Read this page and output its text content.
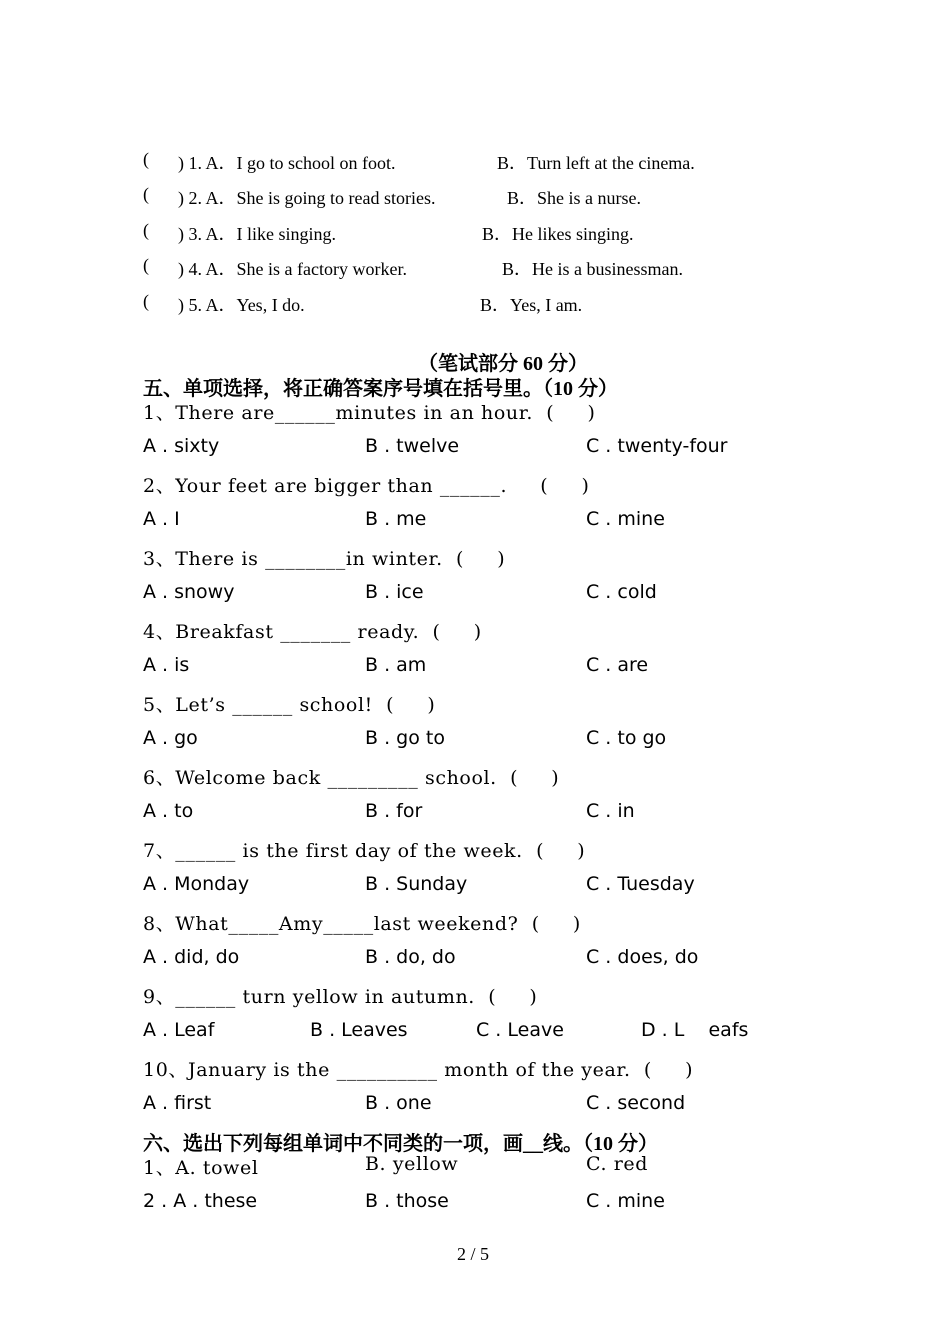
( ) 1. A．I go to school on foot.	B．Turn left at the cinema.
( ) 2. A．She is going to read stories.	B．She is a nurse.
( ) 3. A．I like singing.	B．He likes singing.
( ) 4. A．She is a factory worker.	B．He is a businessman.
( ) 5. A．Yes, I do.	B．Yes, I am.
（笔试部分 60 分）
五、单项选择，将正确答案序号填在括号里。（10 分）
1、There are______minutes in an hour.  (     )
A . sixty	B . twelve	C . twenty-four
2、Your feet are bigger than ______.     (     )
A . I	B . me	C . mine
3、There is ________in winter.  (     )
A . snowy	B . ice	C . cold
4、Breakfast _______ ready.  (     )
A . is	B . am	C . are
5、Let’s ______ school!  (     )
A . go	B . go to	C . to go
6、Welcome back _________ school.  (     )
A . to	B . for	C . in
7、______ is the first day of the week.  (     )
A . Monday	B . Sunday	C . Tuesday
8、What_____Amy_____last weekend?  (     )
A . did, do	B . do, do	C . does, do
9、______ turn yellow in autumn.  (     )
A . Leaf	B . Leaves	C . Leave	D . L    eafs
10、January is the __________ month of the year.  (     )
A . first	B . one	C . second
六、选出下列每组单词中不同类的一项，画__线。（10 分）
1、A. towel	B. yellow	C. red
2 . A . these	B . those	C . mine
2 / 5
